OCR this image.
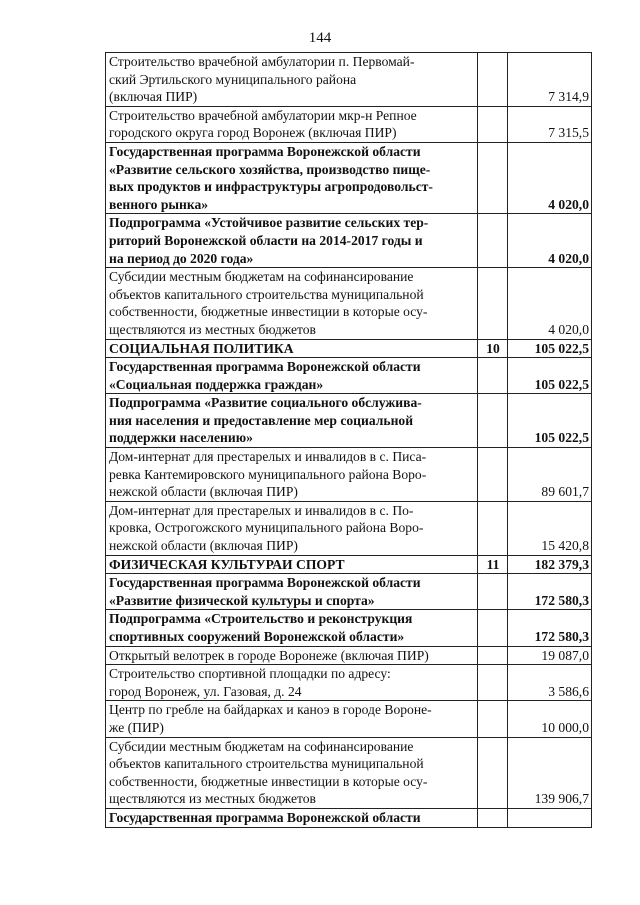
144
Строительство врачебной амбулатории п. Первомай-
ский Эртильского муниципального района
(включая ПИР)		7 314,9

Строительство врачебной амбулатории мкр-н Репное
городского округа город Воронеж (включая ПИР)		7 315,5

Государственная программа Воронежской области
«Развитие сельского хозяйства, производство пище-
вых продуктов и инфраструктуры агропродовольст-
венного рынка»		4 020,0

Подпрограмма «Устойчивое развитие сельских тер-
риторий Воронежской области на 2014-2017 годы и
на период до 2020 года»		4 020,0

Субсидии местным бюджетам на софинансирование
объектов капитального строительства муниципальной
собственности, бюджетные инвестиции в которые осу-
ществляются из местных бюджетов		4 020,0

СОЦИАЛЬНАЯ ПОЛИТИКА	10	105 022,5

Государственная программа Воронежской области
«Социальная поддержка граждан»		105 022,5

Подпрограмма «Развитие социального обслужива-
ния населения и предоставление мер социальной
поддержки населению»		105 022,5

Дом-интернат для престарелых и инвалидов в с. Писа-
ревка Кантемировского муниципального района Воро-
нежской области (включая ПИР)		89 601,7

Дом-интернат для престарелых и инвалидов в с. По-
кровка, Острогожского муниципального района Воро-
нежской области (включая ПИР)		15 420,8

ФИЗИЧЕСКАЯ КУЛЬТУРАИ СПОРТ	11	182 379,3

Государственная программа Воронежской области
«Развитие физической культуры и спорта»		172 580,3

Подпрограмма «Строительство и реконструкция
спортивных сооружений Воронежской области»		172 580,3

Открытый велотрек в городе Воронеже (включая ПИР)		19 087,0

Строительство спортивной площадки по адресу:
город Воронеж, ул. Газовая, д. 24		3 586,6

Центр по гребле на байдарках и каноэ в городе Вороне-
же (ПИР)		10 000,0

Субсидии местным бюджетам на софинансирование
объектов капитального строительства муниципальной
собственности, бюджетные инвестиции в которые осу-
ществляются из местных бюджетов		139 906,7

Государственная программа Воронежской области		
